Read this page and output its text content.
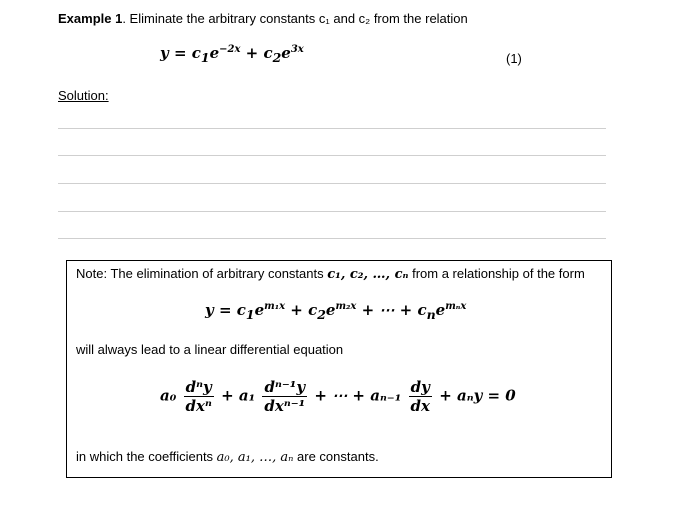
Example 1. Eliminate the arbitrary constants c₁ and c₂ from the relation
$y = c_1e^{-2x} + c_2e^{3x}$
(1)
Solution:
Note: The elimination of arbitrary constants c₁, c₂, …, cₙ from a relationship of the form
$y = c_1e^{m_1x} + c_2e^{m_2x}$ + ⋯ + $c_ne^{m_nx}$
will always lead to a linear differential equation
$a_0 \frac{\text{dⁿy}}{\text{dxⁿ}} + a_1 \frac{\text{dⁿ⁻¹y}}{\text{dxⁿ⁻¹}}$ + ⋯ + $a_{n-1} \frac{dy}{dx} + a_ny = 0$
in which the coefficients a₀, a₁, …, aₙ are constants.
